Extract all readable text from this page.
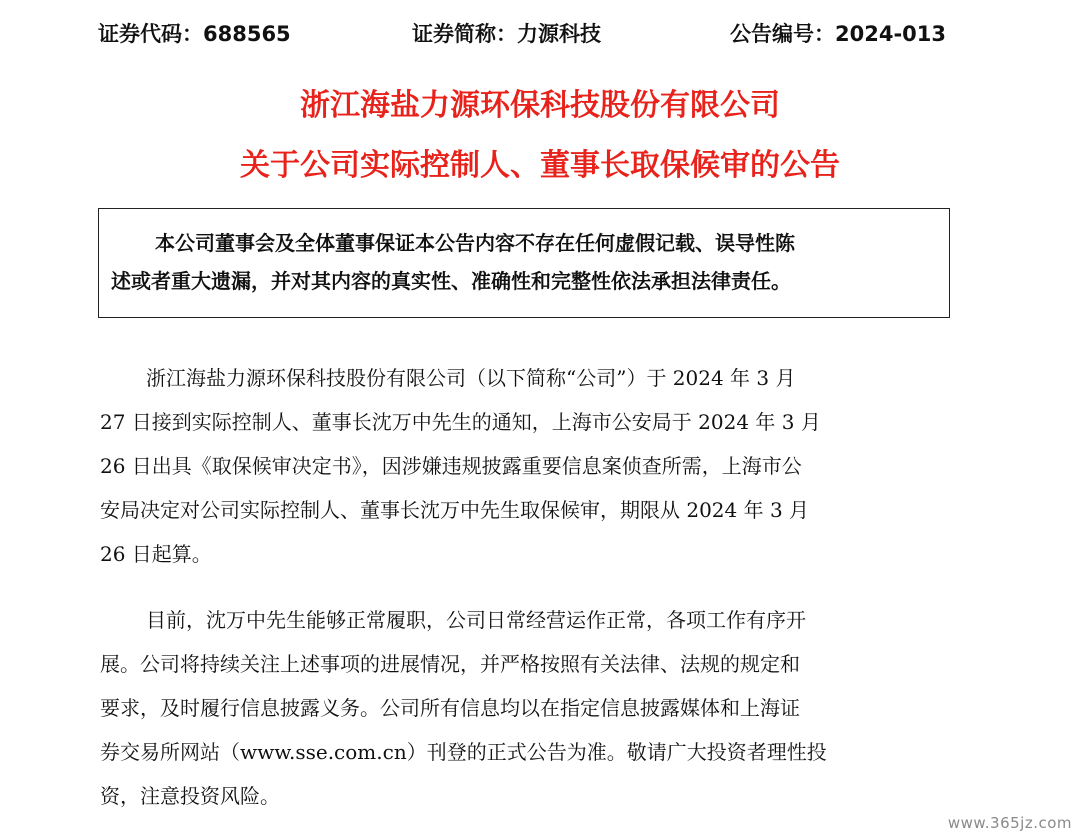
证券代码：688565	证券简称：力源科技	公告编号：2024-013
浙江海盐力源环保科技股份有限公司
关于公司实际控制人、董事长取保候审的公告
本公司董事会及全体董事保证本公告内容不存在任何虚假记载、误导性陈
述或者重大遗漏，并对其内容的真实性、准确性和完整性依法承担法律责任。
浙江海盐力源环保科技股份有限公司（以下简称“公司”）于 2024 年 3 月
27 日接到实际控制人、董事长沈万中先生的通知，上海市公安局于 2024 年 3 月
26 日出具《取保候审决定书》，因涉嫌违规披露重要信息案侦查所需，上海市公
安局决定对公司实际控制人、董事长沈万中先生取保候审，期限从 2024 年 3 月
26 日起算。
目前，沈万中先生能够正常履职，公司日常经营运作正常，各项工作有序开
展。公司将持续关注上述事项的进展情况，并严格按照有关法律、法规的规定和
要求，及时履行信息披露义务。公司所有信息均以在指定信息披露媒体和上海证
券交易所网站（www.sse.com.cn）刊登的正式公告为准。敬请广大投资者理性投
资，注意投资风险。
www.365jz.com
